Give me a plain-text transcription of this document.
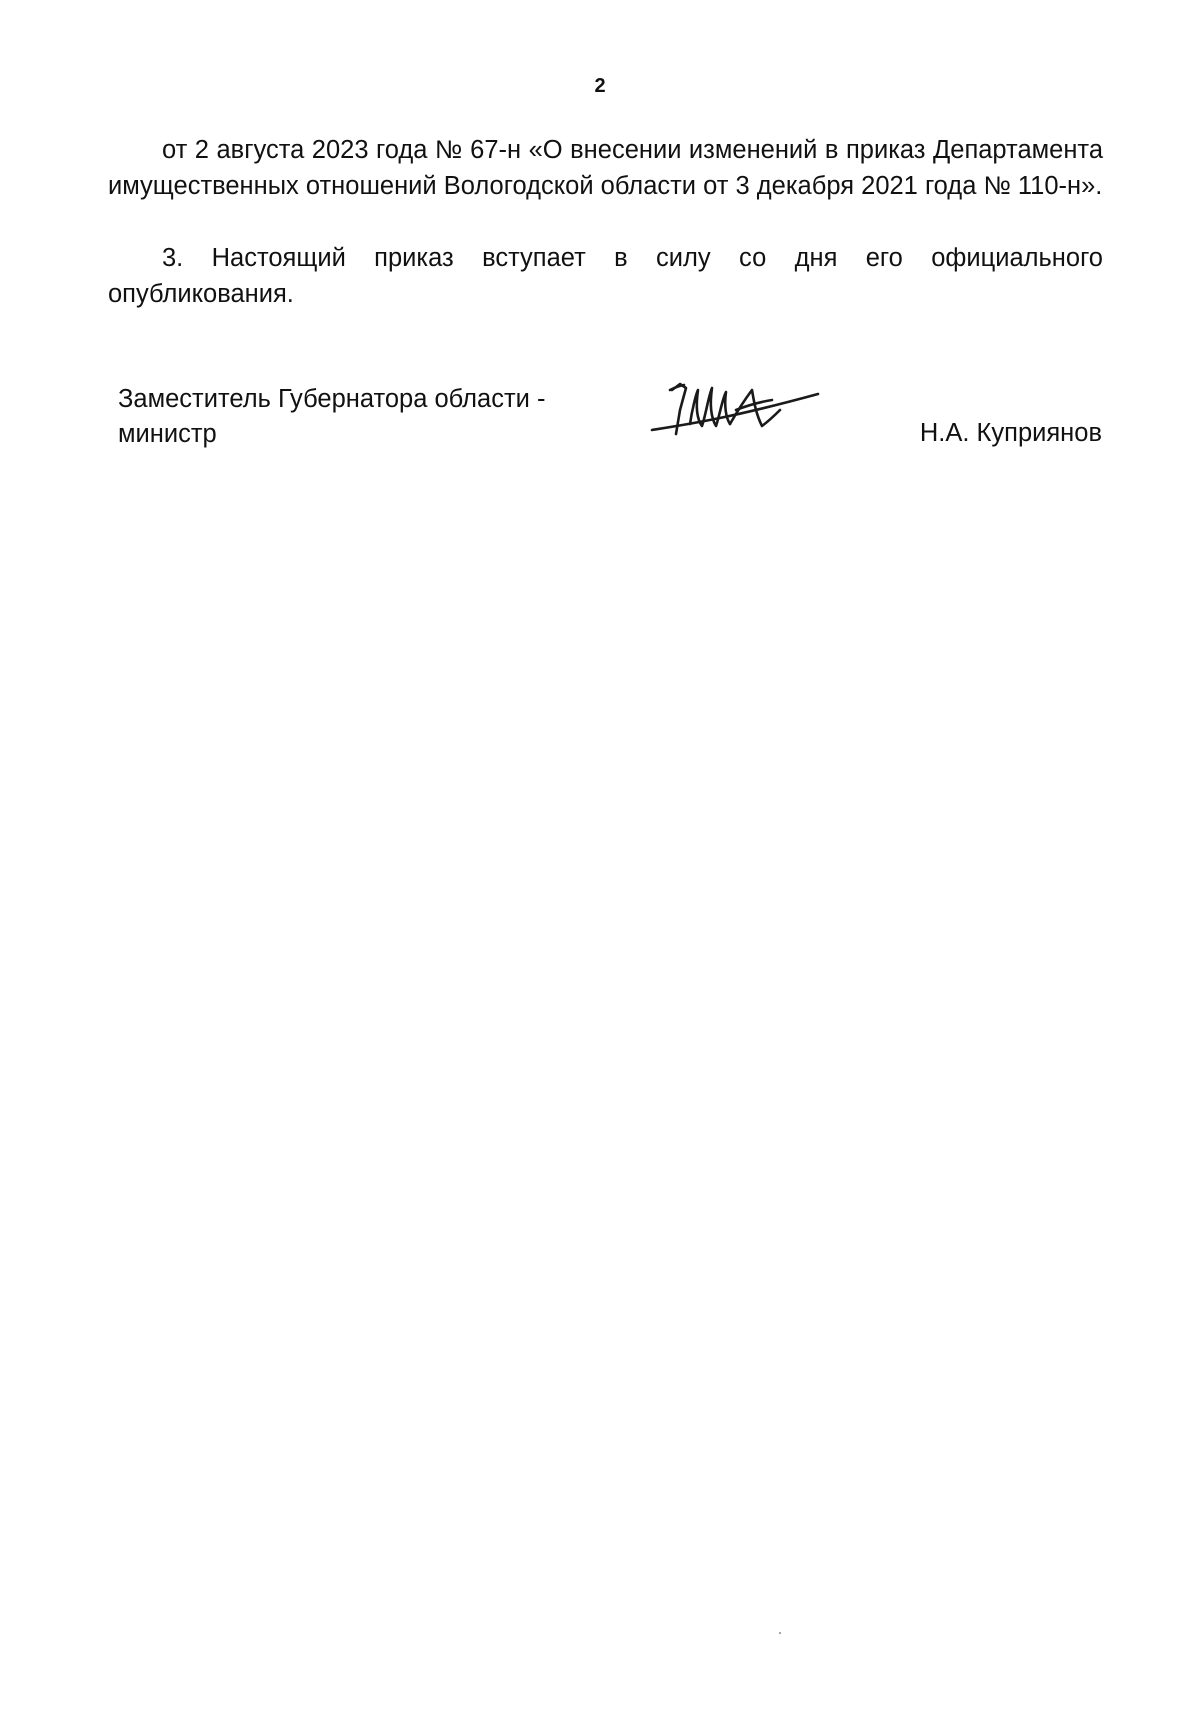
2

от 2 августа 2023 года № 67-н «О внесении изменений в приказ Департамента имущественных отношений Вологодской области от 3 декабря 2021 года № 110-н».

3. Настоящий приказ вступает в силу со дня его официального опубликования.

Заместитель Губернатора области -
министр	Н.А. Куприянов
